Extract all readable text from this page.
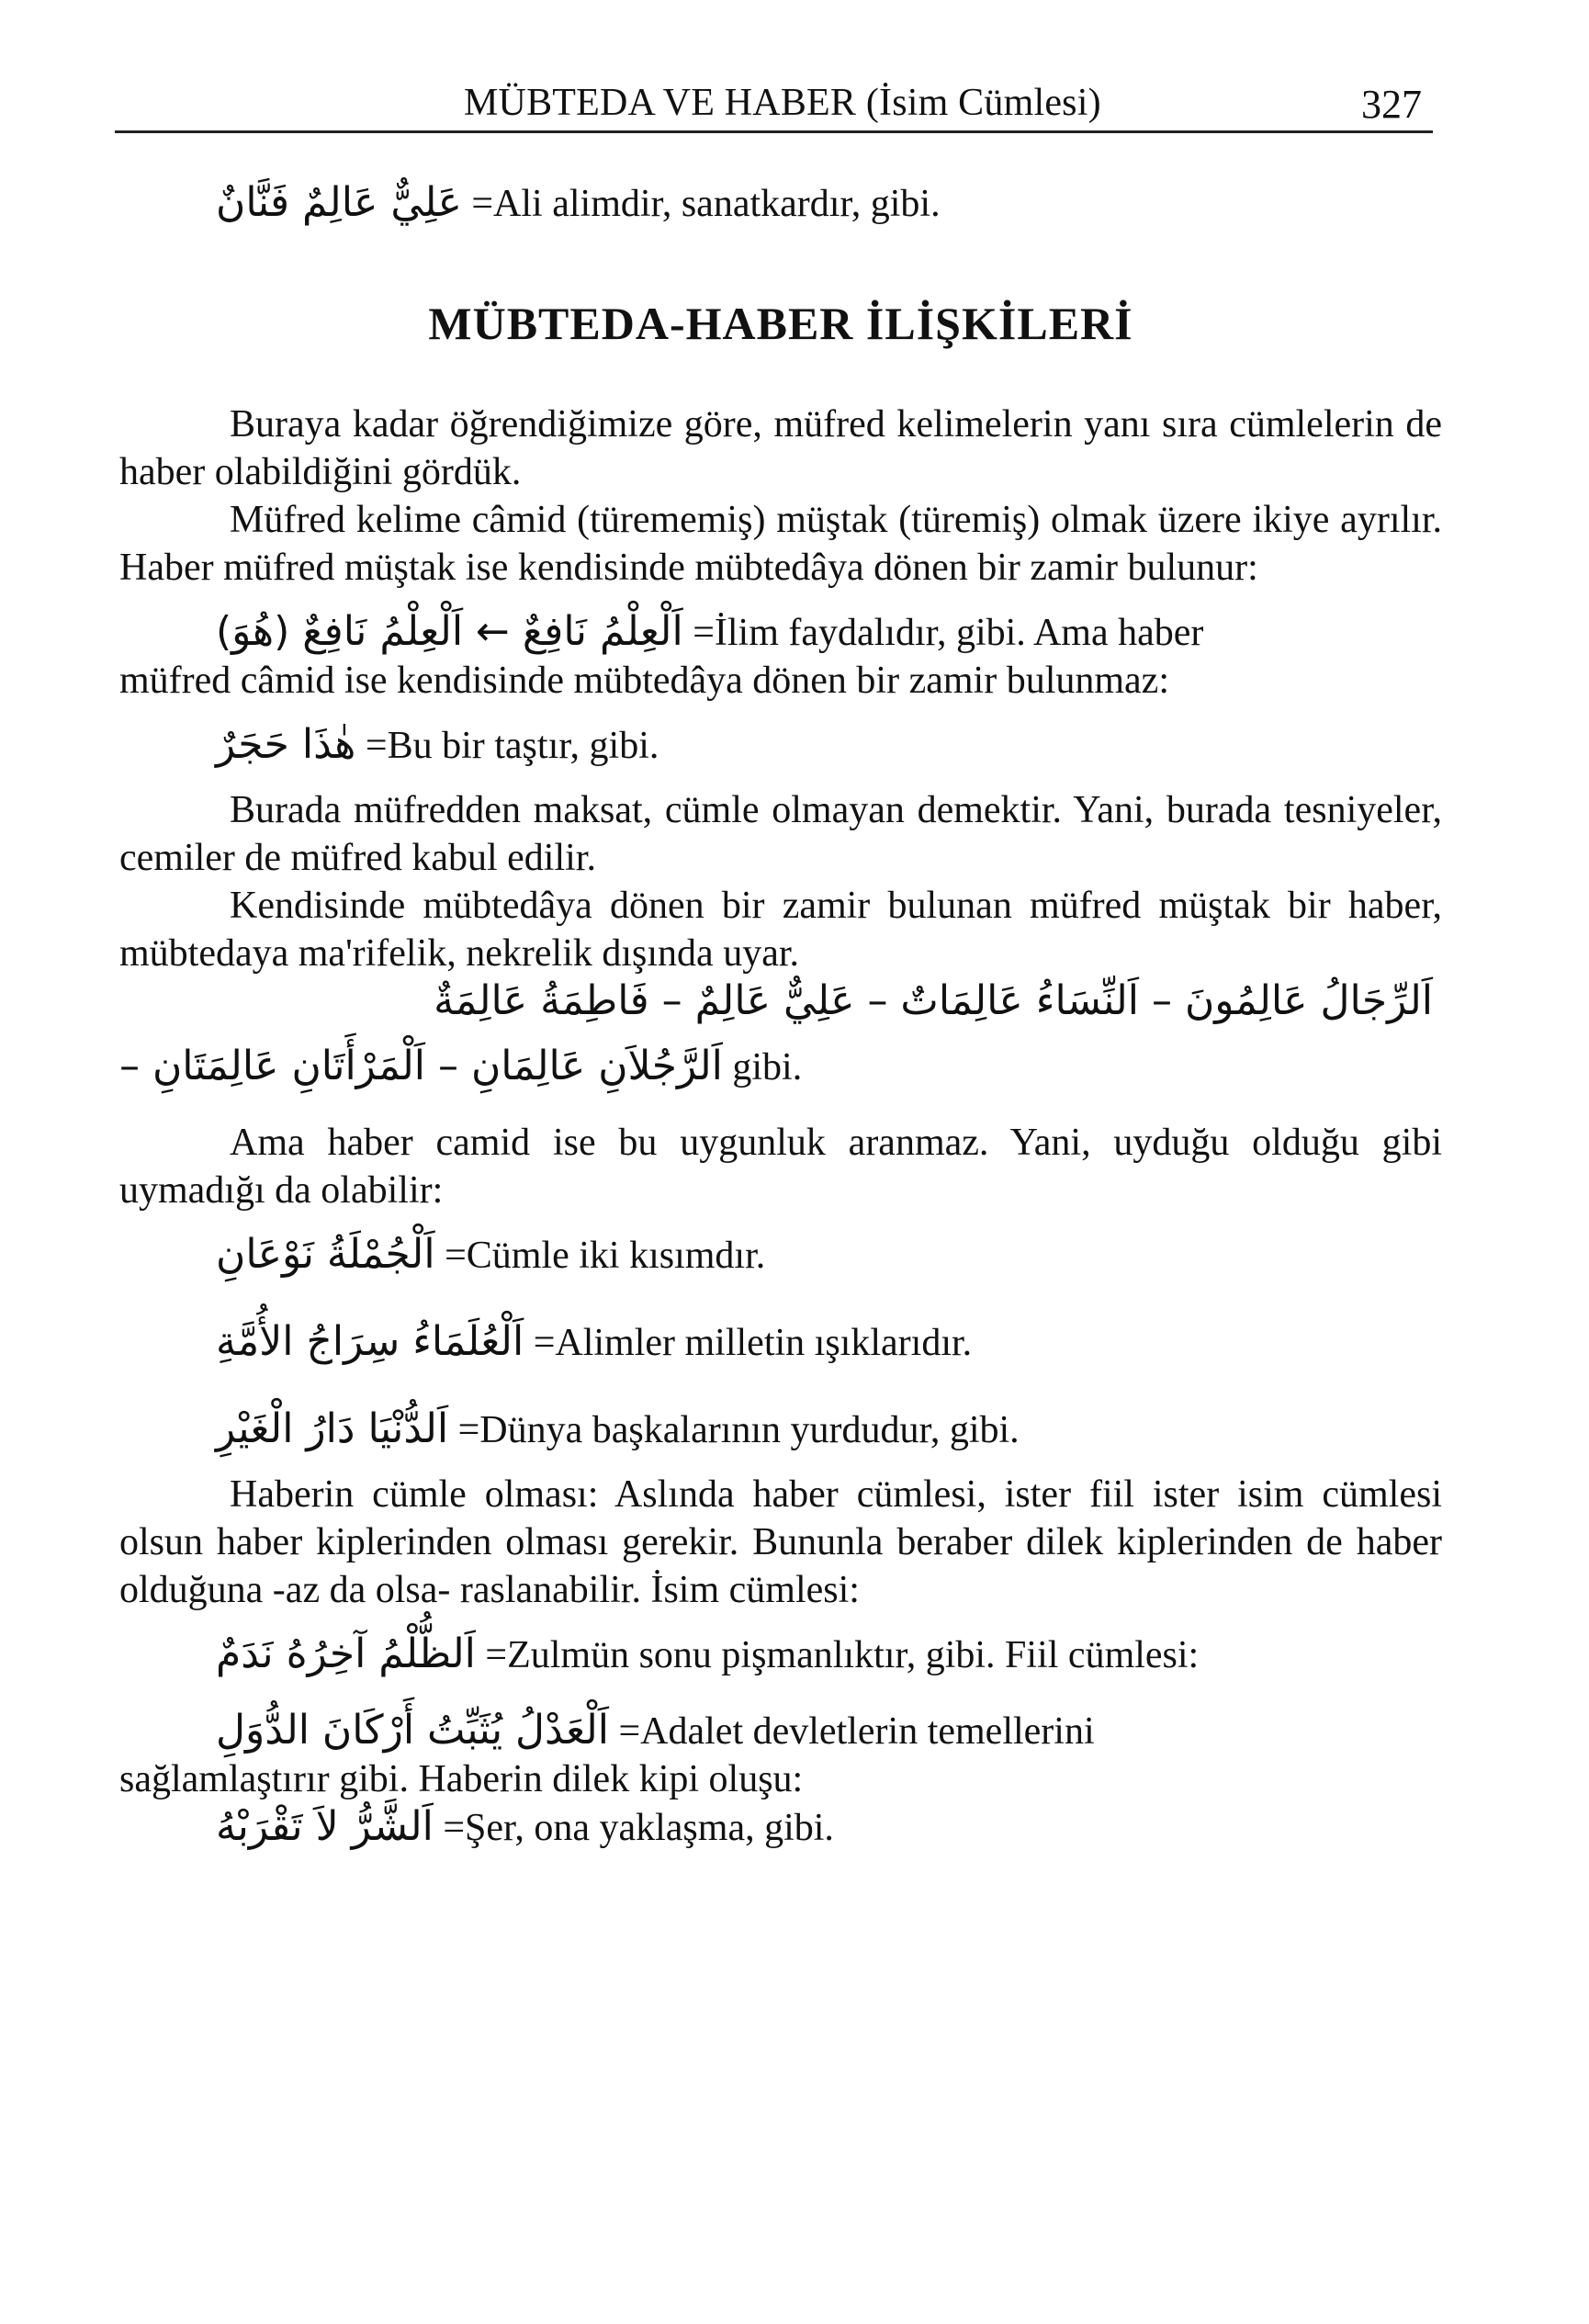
MÜBTEDA VE HABER (İsim Cümlesi)	327
عَلِيٌّ عَالِمٌ فَنَّانٌ =Ali alimdir, sanatkardır, gibi.
MÜBTEDA-HABER İLİŞKİLERİ
Buraya kadar öğrendiğimize göre, müfred kelimelerin yanı sıra cümlelerin de haber olabildiğini gördük.
Müfred kelime câmid (türememiş) müştak (türemiş) olmak üzere ikiye ayrılır. Haber müfred müştak ise kendisinde mübtedâya dönen bir zamir bulunur:
اَلْعِلْمُ نَافِعٌ ← اَلْعِلْمُ نَافِعٌ (هُوَ) =İlim faydalıdır, gibi. Ama haber
müfred câmid ise kendisinde mübtedâya dönen bir zamir bulunmaz:
هٰذَا حَجَرٌ =Bu bir taştır, gibi.
Burada müfredden maksat, cümle olmayan demektir. Yani, burada tesniyeler, cemiler de müfred kabul edilir.
Kendisinde mübtedâya dönen bir zamir bulunan müfred müştak bir haber, mübtedaya ma'rifelik, nekrelik dışında uyar.
اَلرِّجَالُ عَالِمُونَ – اَلنِّسَاءُ عَالِمَاتٌ – عَلِيٌّ عَالِمٌ – فَاطِمَةُ عَالِمَةٌ
اَلرَّجُلاَنِ عَالِمَانِ – اَلْمَرْأَتَانِ عَالِمَتَانِ – gibi.
Ama haber camid ise bu uygunluk aranmaz. Yani, uyduğu olduğu gibi uymadığı da olabilir:
اَلْجُمْلَةُ نَوْعَانِ =Cümle iki kısımdır.
اَلْعُلَمَاءُ سِرَاجُ الأُمَّةِ =Alimler milletin ışıklarıdır.
اَلدُّنْيَا دَارُ الْغَيْرِ =Dünya başkalarının yurdudur, gibi.
Haberin cümle olması: Aslında haber cümlesi, ister fiil ister isim cümlesi olsun haber kiplerinden olması gerekir. Bununla beraber dilek kiplerinden de haber olduğuna -az da olsa- raslanabilir. İsim cümlesi:
اَلظُّلْمُ آخِرُهُ نَدَمٌ =Zulmün sonu pişmanlıktır, gibi. Fiil cümlesi:
اَلْعَدْلُ يُثَبِّتُ أَرْكَانَ الدُّوَلِ =Adalet devletlerin temellerini
sağlamlaştırır gibi. Haberin dilek kipi oluşu:
اَلشَّرُّ لاَ تَقْرَبْهُ =Şer, ona yaklaşma, gibi.
